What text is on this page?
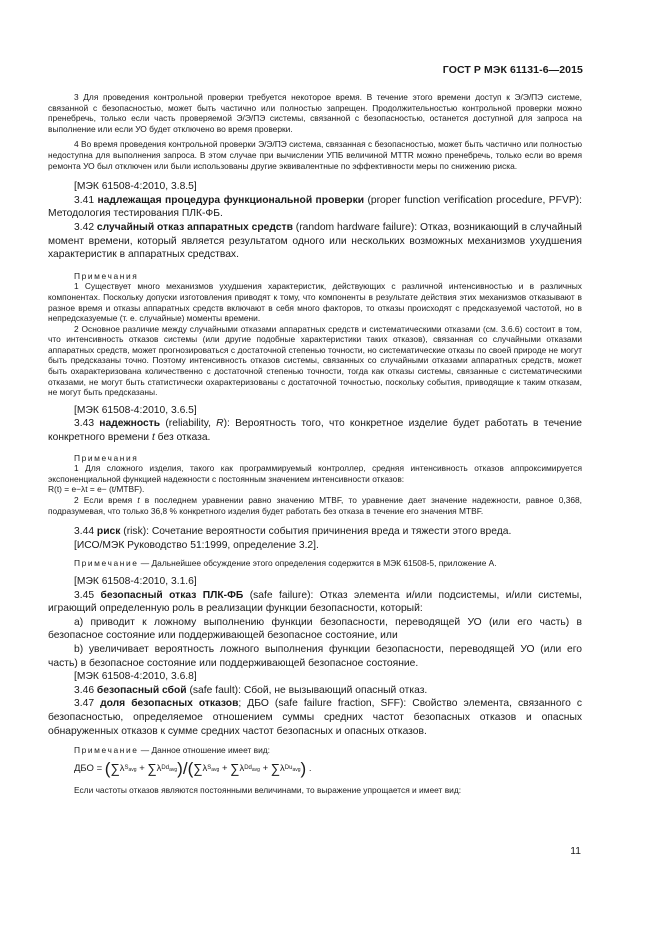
ГОСТ Р МЭК 61131-6—2015

3 Для проведения контрольной проверки требуется некоторое время. В течение этого времени доступ к Э/Э/ПЭ системе, связанной с безопасностью, может быть частично или полностью запрещен. Продолжительностью контрольной проверки можно пренебречь, только если часть проверяемой Э/Э/ПЭ системы, связанной с безопасностью, останется доступной для запроса на выполнение или если УО будет отключено во время проверки.

4 Во время проведения контрольной проверки Э/Э/ПЭ система, связанная с безопасностью, может быть частично или полностью недоступна для выполнения запроса. В этом случае при вычислении УПБ величиной MTTR можно пренебречь, только если во время ремонта УО был отключен или были использованы другие эквивалентные по эффективности меры по снижению риска.

[МЭК 61508-4:2010, 3.8.5]

3.41 надлежащая процедура функциональной проверки (proper function verification procedure, PFVP): Методология тестирования ПЛК-ФБ.

3.42 случайный отказ аппаратных средств (random hardware failure): Отказ, возникающий в случайный момент времени, который является результатом одного или нескольких возможных механизмов ухудшения характеристик в аппаратных средствах.

Примечания

1 Существует много механизмов ухудшения характеристик, действующих с различной интенсивностью и в различных компонентах. Поскольку допуски изготовления приводят к тому, что компоненты в результате действия этих механизмов отказывают в разное время и отказы аппаратных средств включают в себя много факторов, то отказы происходят с предсказуемой частотой, но в непредсказуемые (т. е. случайные) моменты времени.

2 Основное различие между случайными отказами аппаратных средств и систематическими отказами (см. 3.6.6) состоит в том, что интенсивность отказов системы (или другие подобные характеристики таких отказов), связанная со случайными отказами аппаратных средств, может прогнозироваться с достаточной степенью точности, но систематические отказы по своей природе не могут быть предсказаны точно. Поэтому интенсивность отказов системы, связанных со случайными отказами аппаратных средств, может быть охарактеризована количественно с достаточной степенью точности, тогда как отказы системы, связанные с систематическими отказами, не могут быть статистически охарактеризованы с достаточной точностью, поскольку события, приводящие к таким отказам, не могут быть предсказаны.

[МЭК 61508-4:2010, 3.6.5]

3.43 надежность (reliability, R): Вероятность того, что конкретное изделие будет работать в течение конкретного времени t без отказа.

Примечания

1 Для сложного изделия, такого как программируемый контроллер, средняя интенсивность отказов аппроксимируется экспоненциальной функцией надежности с постоянным значением интенсивности отказов:

R(t) = e−λt = e− (t/MTBF).

2 Если время t в последнем уравнении равно значению MTBF, то уравнение дает значение надежности, равное 0,368, подразумевая, что только 36,8 % конкретного изделия будет работать без отказа в течение его значения MTBF.

3.44 риск (risk): Сочетание вероятности события причинения вреда и тяжести этого вреда.

[ИСО/МЭК Руководство 51:1999, определение 3.2].

Примечание — Дальнейшее обсуждение этого определения содержится в МЭК 61508-5, приложение А.

[МЭК 61508-4:2010, 3.1.6]

3.45 безопасный отказ ПЛК-ФБ (safe failure): Отказ элемента и/или подсистемы, и/или системы, играющий определенную роль в реализации функции безопасности, который:

a) приводит к ложному выполнению функции безопасности, переводящей УО (или его часть) в безопасное состояние или поддерживающей безопасное состояние, или

b) увеличивает вероятность ложного выполнения функции безопасности, переводящей УО (или его часть) в безопасное состояние или поддерживающей безопасное состояние.

[МЭК 61508-4:2010, 3.6.8]

3.46 безопасный сбой (safe fault): Сбой, не вызывающий опасный отказ.

3.47 доля безопасных отказов; ДБО (safe failure fraction, SFF): Свойство элемента, связанного с безопасностью, определяемое отношением суммы средних частот безопасных отказов и опасных обнаруженных отказов к сумме средних частот безопасных и опасных отказов.

Примечание — Данное отношение имеет вид:

ДБО =
( ∑ λ $S_{avg}$ + ∑ λ $Dd_{avg}$ ) / ( ∑ λ $S_{avg}$ + ∑ λ $Dd_{avg}$ + ∑ λ $Du_{avg}$ ) .

Если частоты отказов являются постоянными величинами, то выражение упрощается и имеет вид:

11
